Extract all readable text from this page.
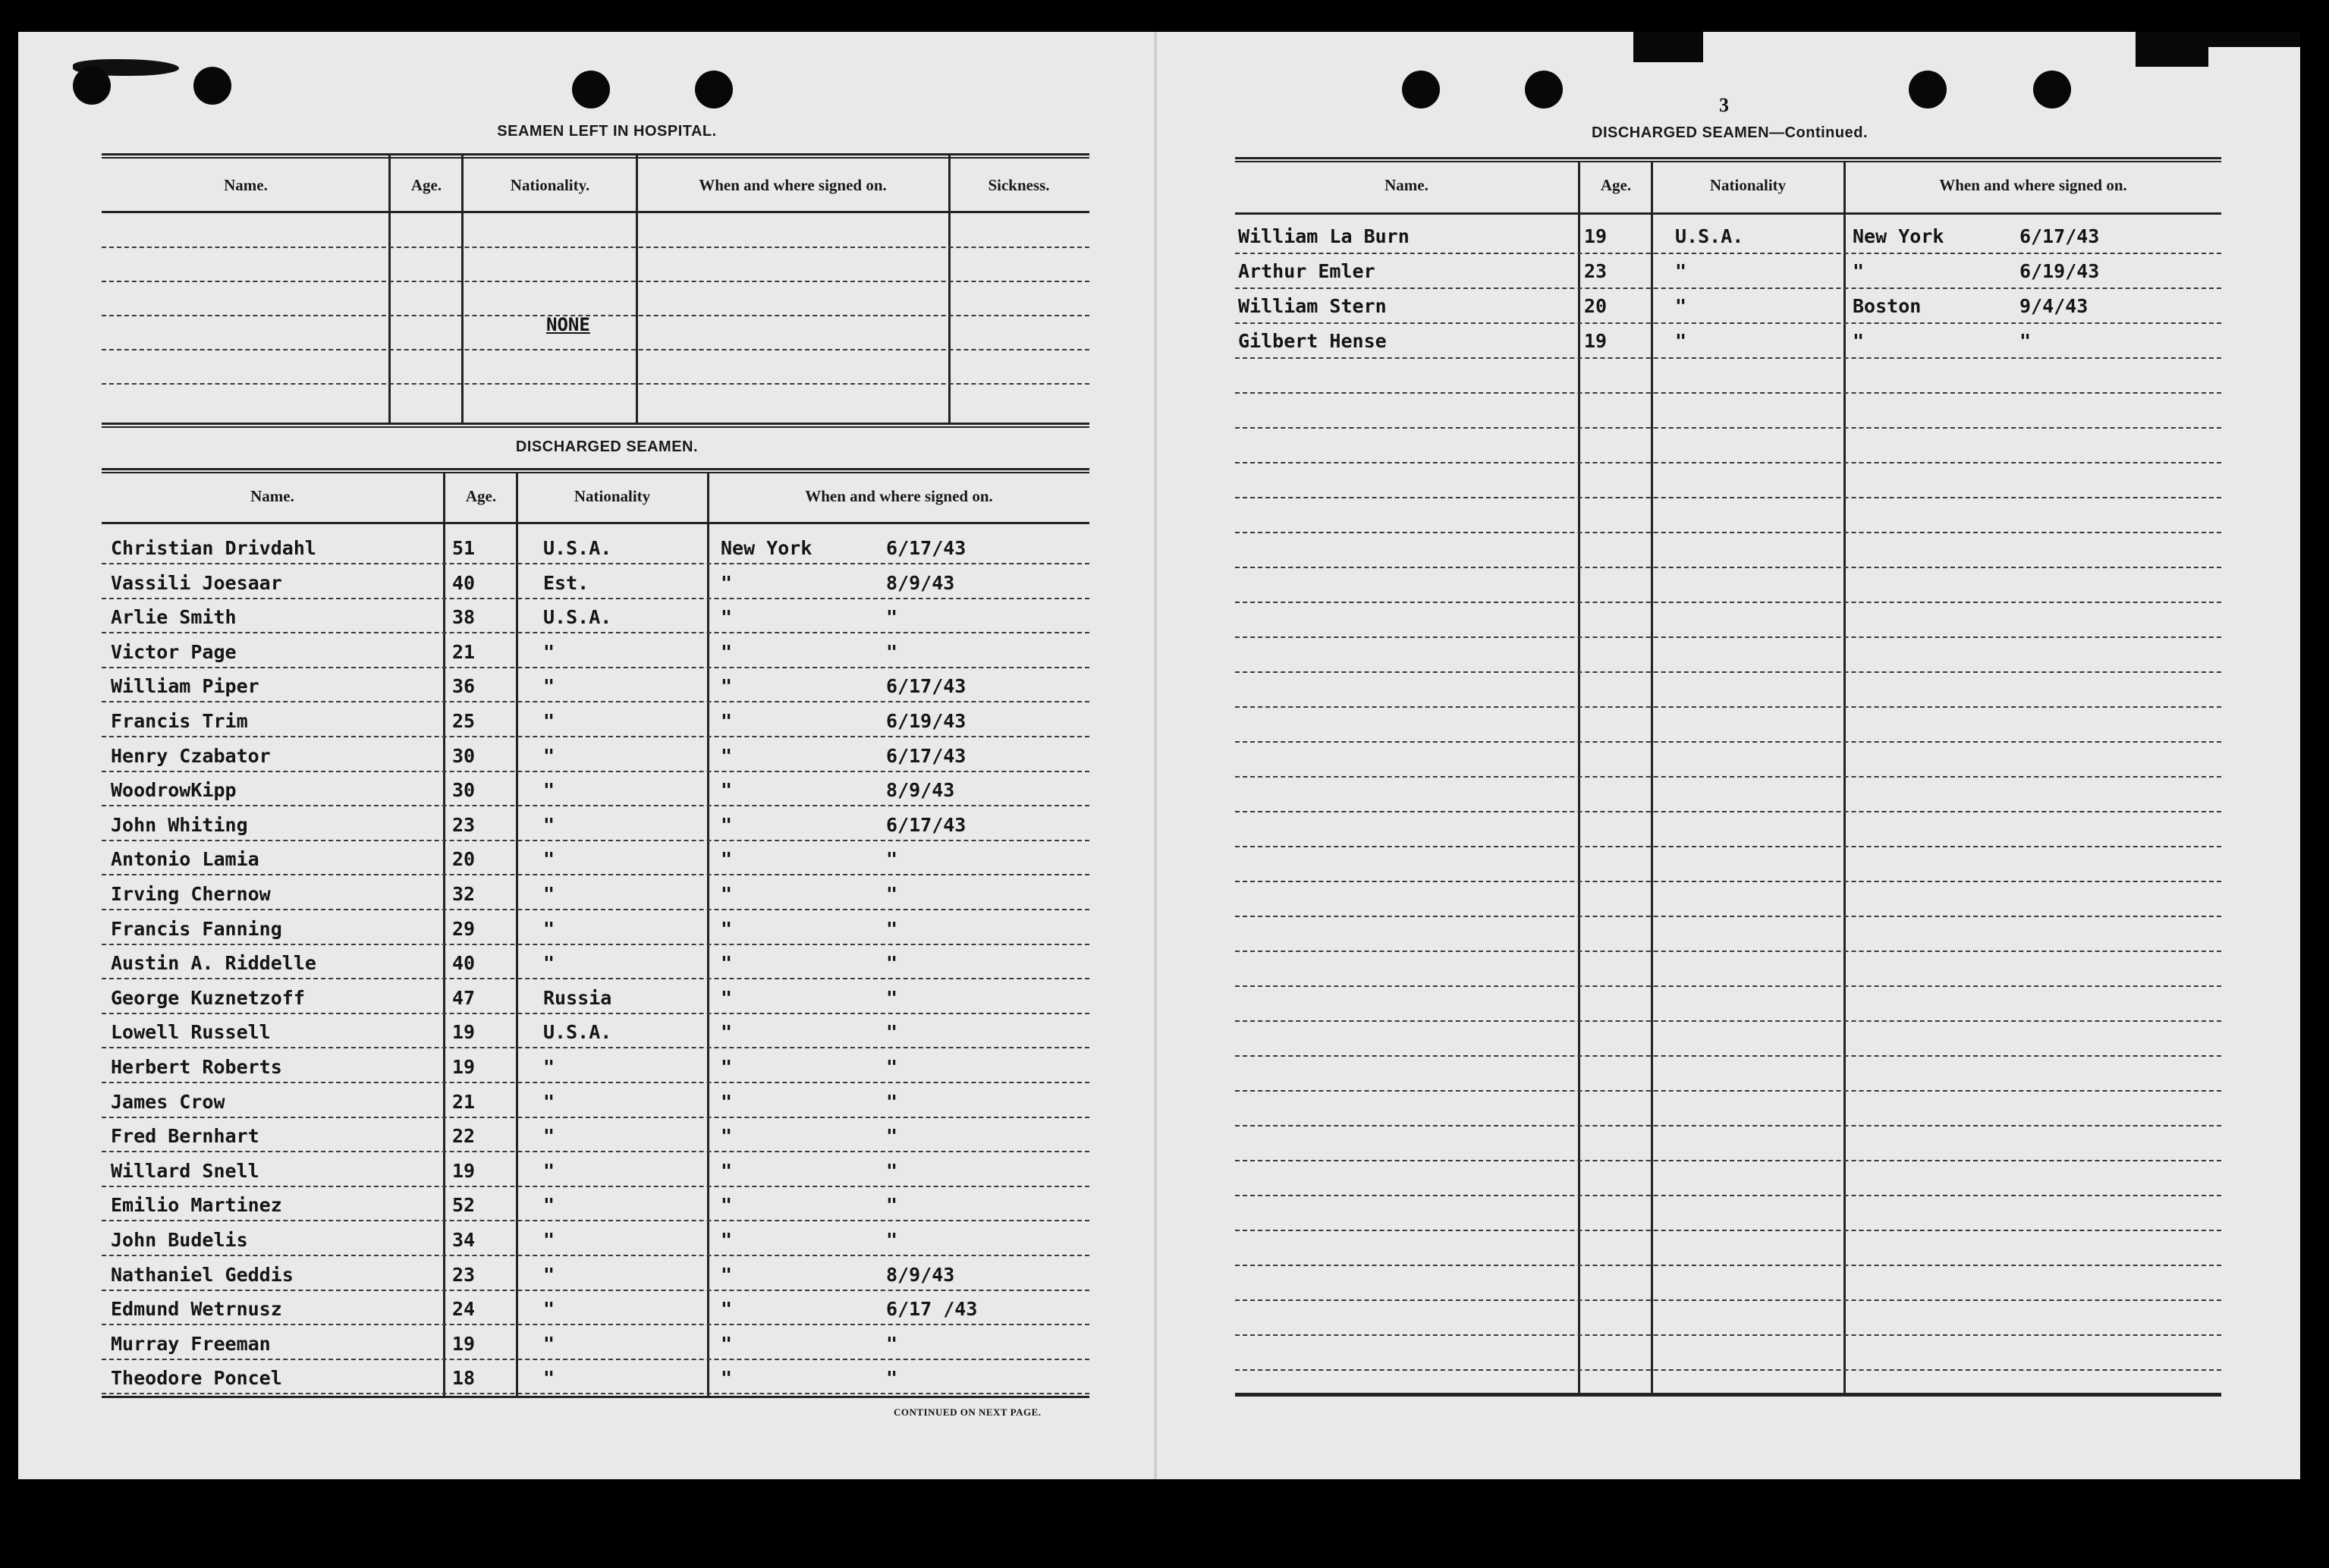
SEAMEN LEFT IN HOSPITAL.
Name.	Age.	Nationality.	When and where signed on.	Sickness.
NONE
DISCHARGED SEAMEN.
Name.	Age.	Nationality	When and where signed on.
Christian Drivdahl	51	U.S.A.	New York	6/17/43
Vassili Joesaar	40	Est.	"	8/9/43
Arlie Smith	38	U.S.A.	"	"
Victor Page	21	"	"	"
William Piper	36	"	"	6/17/43
Francis Trim	25	"	"	6/19/43
Henry Czabator	30	"	"	6/17/43
WoodrowKipp	30	"	"	8/9/43
John Whiting	23	"	"	6/17/43
Antonio Lamia	20	"	"	"
Irving Chernow	32	"	"	"
Francis Fanning	29	"	"	"
Austin A. Riddelle	40	"	"	"
George Kuznetzoff	47	Russia	"	"
Lowell Russell	19	U.S.A.	"	"
Herbert Roberts	19	"	"	"
James Crow	21	"	"	"
Fred Bernhart	22	"	"	"
Willard Snell	19	"	"	"
Emilio Martinez	52	"	"	"
John Budelis	34	"	"	"
Nathaniel Geddis	23	"	"	8/9/43
Edmund Wetrnusz	24	"	"	6/17 /43
Murray Freeman	19	"	"	"
Theodore Poncel	18	"	"	"
CONTINUED ON NEXT PAGE.
3
DISCHARGED SEAMEN—Continued.
Name.	Age.	Nationality	When and where signed on.
William La Burn	19	U.S.A.	New York	6/17/43
Arthur Emler	23	"	"	6/19/43
William Stern	20	"	Boston	9/4/43
Gilbert Hense	19	"	"	"
